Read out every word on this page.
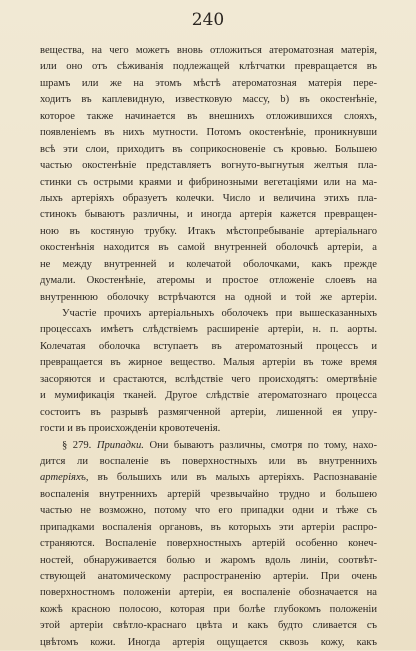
240
вещества, на чего можетъ вновь отложиться атероматозная матерія,
или оно отъ сѣживанія подлежащей клѣтчатки превращается въ
шрамъ или же на этомъ мѣстѣ атероматозная матерія пере-
ходитъ въ каплевидную, известковую массу, b) въ окостенѣніе,
которое также начинается въ внешнихъ отложившихся слояхъ,
появленіемъ въ нихъ мутности. Потомъ окостенѣніе, проникнувши
всѣ эти слои, приходитъ въ соприкосновеніе съ кровью. Большею
частью окостенѣніе представляетъ вогнуто-выгнутыя желтыя пла-
стинки съ острыми краями и фибринозными вегетаціями или на ма-
лыхъ артеріяхъ образуетъ колечки. Число и величина этихъ пла-
стинокъ бываютъ различны, и иногда артерія кажется превращен-
ною въ костяную трубку. Итакъ мѣстопребываніе артеріальнаго
окостенѣнія находится въ самой внутренней оболочкѣ артеріи, а
не между внутренней и колечатой оболочками, какъ прежде
думали. Окостенѣніе, атеромы и простое отложеніе слоевъ на
внутреннюю оболочку встрѣчаются на одной и той же артеріи.
Участіе прочихъ артеріальныхъ оболочекъ при вышесказанныхъ
процессахъ имѣетъ слѣдствіемъ расширеніе артеріи, н. п. аорты.
Колечатая оболочка вступаетъ въ атероматозный процессъ и
превращается въ жирное вещество. Малыя артеріи въ тоже время
засоряются и срастаются, вслѣдствіе чего происходятъ: омертвѣніе
и мумификація тканей. Другое слѣдствіе атероматознаго процесса
состоитъ въ разрывѣ размягченной артеріи, лишенной ея упру-
гости и въ происхожденіи кровотеченія.
§ 279. Припадки. Они бываютъ различны, смотря по тому, нахо-
дится ли воспаленіе въ поверхностныхъ или въ внутреннихъ
артеріяхъ, въ большихъ или въ малыхъ артеріяхъ. Распознаваніе
воспаленія внутреннихъ артерій чрезвычайно трудно и большею
частью не возможно, потому что его припадки одни и тѣже съ
припадками воспаленія органовъ, въ которыхъ эти артеріи распро-
страняются. Воспаленіе поверхностныхъ артерій особенно конеч-
ностей, обнаруживается болью и жаромъ вдоль линіи, соотвѣт-
ствующей анатомическому распространенію артеріи. При очень
поверхностномъ положеніи артеріи, ея воспаленіе обозначается на
кожѣ красною полосою, которая при болѣе глубокомъ положеніи
этой артеріи свѣтло-краснаго цвѣта и какъ будто сливается съ
цвѣтомъ кожи. Иногда артерія ощущается сквозь кожу, какъ
